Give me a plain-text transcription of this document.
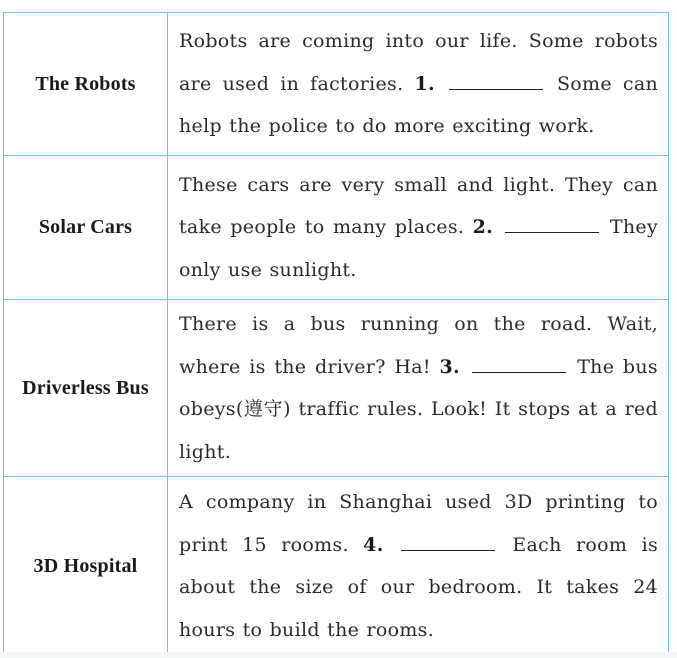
The Robots	Robots are coming into our life. Some robots are used in factories. 1. Some can help the police to do more exciting work.
Solar Cars	These cars are very small and light. They can take people to many places. 2. They only use sunlight.
Driverless Bus	There is a bus running on the road. Wait, where is the driver? Ha! 3. The bus obeys(遵守) traffic rules. Look! It stops at a red light.
3D Hospital	A company in Shanghai used 3D printing to print 15 rooms. 4. Each room is about the size of our bedroom. It takes 24 hours to build the rooms.
